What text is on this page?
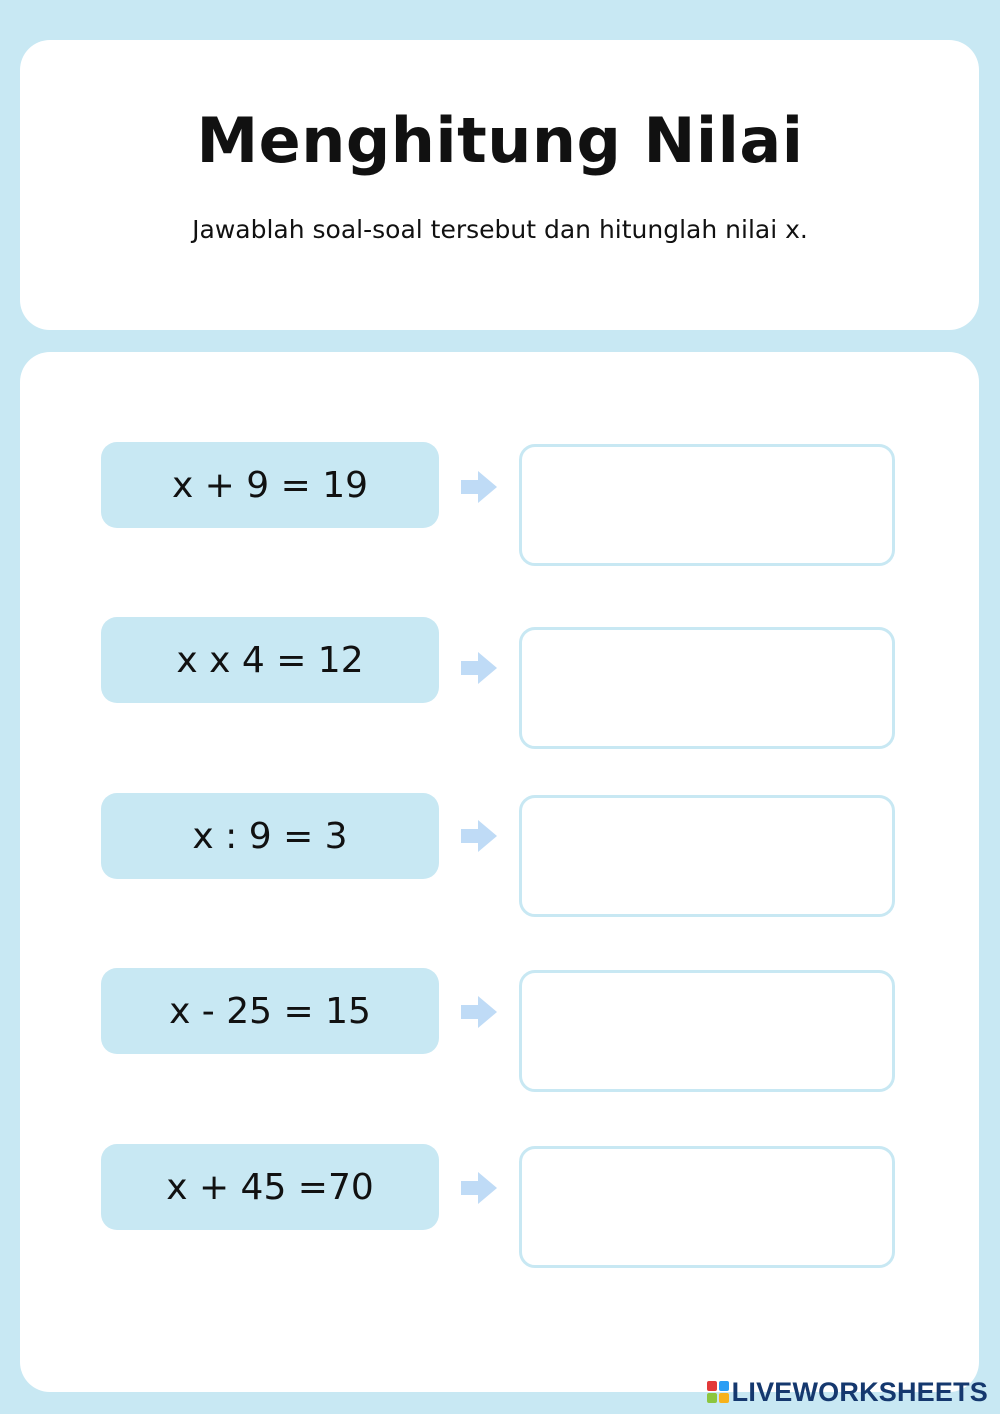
Menghitung Nilai

Jawablah soal-soal tersebut dan hitunglah nilai x.

x + 9 = 19
x x 4 = 12
x : 9 = 3
x - 25 = 15
x + 45 =70
LIVEWORKSHEETS
